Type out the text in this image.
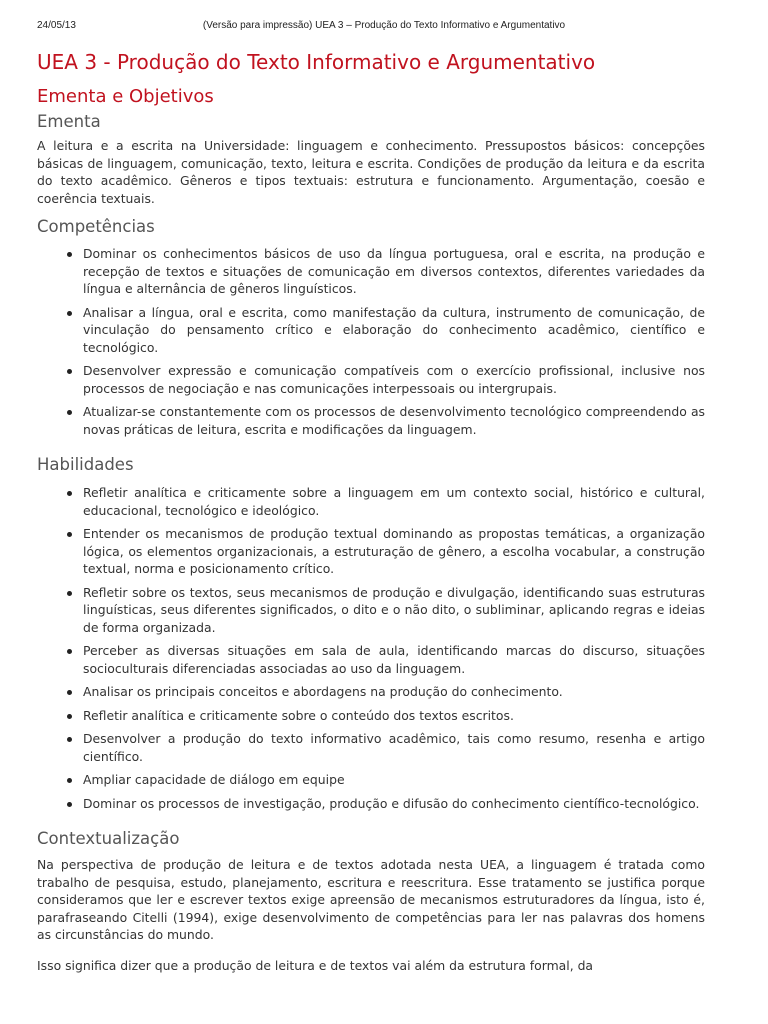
24/05/13	(Versão para impressão) UEA 3 – Produção do Texto Informativo e Argumentativo
UEA 3 - Produção do Texto Informativo e Argumentativo
Ementa e Objetivos
Ementa

A leitura e a escrita na Universidade: linguagem e conhecimento. Pressupostos básicos: concepções básicas de linguagem, comunicação, texto, leitura e escrita. Condições de produção da leitura e da escrita do texto acadêmico. Gêneros e tipos textuais: estrutura e funcionamento. Argumentação, coesão e coerência textuais.

Competências
Dominar os conhecimentos básicos de uso da língua portuguesa, oral e escrita, na produção e recepção de textos e situações de comunicação em diversos contextos, diferentes variedades da língua e alternância de gêneros linguísticos.
Analisar a língua, oral e escrita, como manifestação da cultura, instrumento de comunicação, de vinculação do pensamento crítico e elaboração do conhecimento acadêmico, científico e tecnológico.
Desenvolver expressão e comunicação compatíveis com o exercício profissional, inclusive nos processos de negociação e nas comunicações interpessoais ou intergrupais.
Atualizar-se constantemente com os processos de desenvolvimento tecnológico compreendendo as novas práticas de leitura, escrita e modificações da linguagem.
Habilidades
Refletir analítica e criticamente sobre a linguagem em um contexto social, histórico e cultural, educacional, tecnológico e ideológico.
Entender os mecanismos de produção textual dominando as propostas temáticas, a organização lógica, os elementos organizacionais, a estruturação de gênero, a escolha vocabular, a construção textual, norma e posicionamento crítico.
Refletir sobre os textos, seus mecanismos de produção e divulgação, identificando suas estruturas linguísticas, seus diferentes significados, o dito e o não dito, o subliminar, aplicando regras e ideias de forma organizada.
Perceber as diversas situações em sala de aula, identificando marcas do discurso, situações socioculturais diferenciadas associadas ao uso da linguagem.
Analisar os principais conceitos e abordagens na produção do conhecimento.
Refletir analítica e criticamente sobre o conteúdo dos textos escritos.
Desenvolver a produção do texto informativo acadêmico, tais como resumo, resenha e artigo científico.
Ampliar capacidade de diálogo em equipe
Dominar os processos de investigação, produção e difusão do conhecimento científico-tecnológico.
Contextualização

Na perspectiva de produção de leitura e de textos adotada nesta UEA, a linguagem é tratada como trabalho de pesquisa, estudo, planejamento, escritura e reescritura. Esse tratamento se justifica porque consideramos que ler e escrever textos exige apreensão de mecanismos estruturadores da língua, isto é, parafraseando Citelli (1994), exige desenvolvimento de competências para ler nas palavras dos homens as circunstâncias do mundo.

Isso significa dizer que a produção de leitura e de textos vai além da estrutura formal, da
